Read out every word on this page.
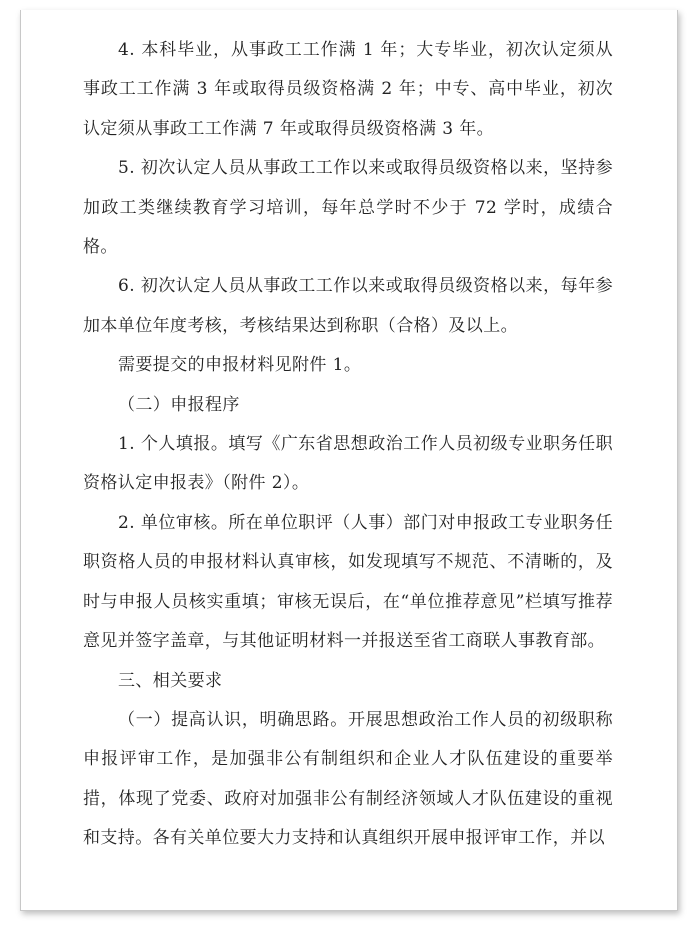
4. 本科毕业，从事政工工作满 1 年；大专毕业，初次认定须从事政工工作满 3 年或取得员级资格满 2 年；中专、高中毕业，初次认定须从事政工工作满 7 年或取得员级资格满 3 年。

5. 初次认定人员从事政工工作以来或取得员级资格以来，坚持参加政工类继续教育学习培训，每年总学时不少于 72 学时，成绩合格。

6. 初次认定人员从事政工工作以来或取得员级资格以来，每年参加本单位年度考核，考核结果达到称职（合格）及以上。

需要提交的申报材料见附件 1。

（二）申报程序

1. 个人填报。填写《广东省思想政治工作人员初级专业职务任职资格认定申报表》（附件 2）。

2. 单位审核。所在单位职评（人事）部门对申报政工专业职务任职资格人员的申报材料认真审核，如发现填写不规范、不清晰的，及时与申报人员核实重填；审核无误后，在“单位推荐意见”栏填写推荐意见并签字盖章，与其他证明材料一并报送至省工商联人事教育部。

三、相关要求

（一）提高认识，明确思路。开展思想政治工作人员的初级职称申报评审工作，是加强非公有制组织和企业人才队伍建设的重要举措，体现了党委、政府对加强非公有制经济领域人才队伍建设的重视和支持。各有关单位要大力支持和认真组织开展申报评审工作，并以
